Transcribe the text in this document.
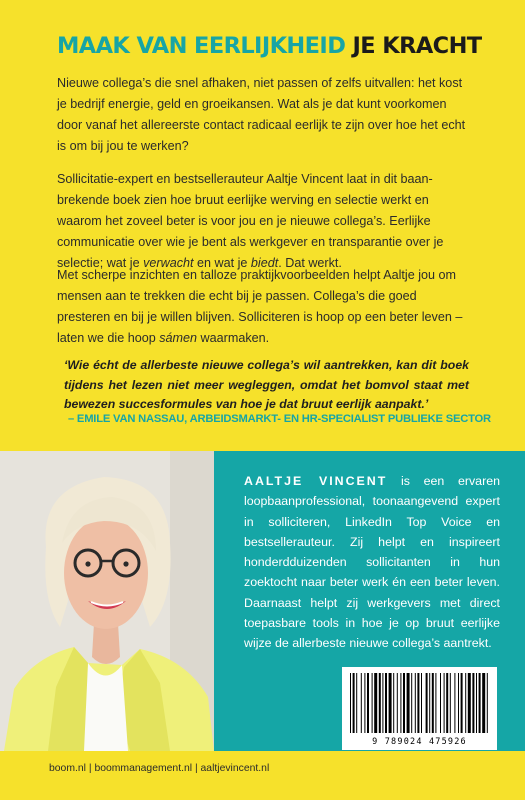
MAAK VAN EERLIJKHEID JE KRACHT

Nieuwe collega’s die snel afhaken, niet passen of zelfs uitvallen: het kost je bedrijf energie, geld en groeikansen. Wat als je dat kunt voorkomen door vanaf het allereerste contact radicaal eerlijk te zijn over hoe het echt is om bij jou te werken?

Sollicitatie-expert en bestsellerauteur Aaltje Vincent laat in dit baanbrekende boek zien hoe bruut eerlijke werving en selectie werkt en waarom het zoveel beter is voor jou en je nieuwe collega’s. Eerlijke communicatie over wie je bent als werkgever en transparantie over je selectie; wat je verwacht en wat je biedt. Dat werkt.

Met scherpe inzichten en talloze praktijkvoorbeelden helpt Aaltje jou om mensen aan te trekken die echt bij je passen. Collega’s die goed presteren en bij je willen blijven. Solliciteren is hoop op een beter leven – laten we die hoop sámen waarmaken.

‘Wie écht de allerbeste nieuwe collega’s wil aantrekken, kan dit boek tijdens het lezen niet meer wegleggen, omdat het bomvol staat met bewezen succesformules van hoe je dat bruut eerlijk aanpakt.’

– EMILE VAN NASSAU, ARBEIDSMARKT- EN HR-SPECIALIST PUBLIEKE SECTOR

AALTJE VINCENT is een ervaren loopbaanprofessional, toonaangevend expert in solliciteren, LinkedIn Top Voice en bestsellerauteur. Zij helpt en inspireert honderdduizenden sollicitanten in hun zoektocht naar beter werk én een beter leven. Daarnaast helpt zij werkgevers met direct toepasbare tools in hoe je op bruut eerlijke wijze de allerbeste nieuwe collega’s aantrekt.

9 789024 475926
boom.nl | boommanagement.nl | aaltjevincent.nl
